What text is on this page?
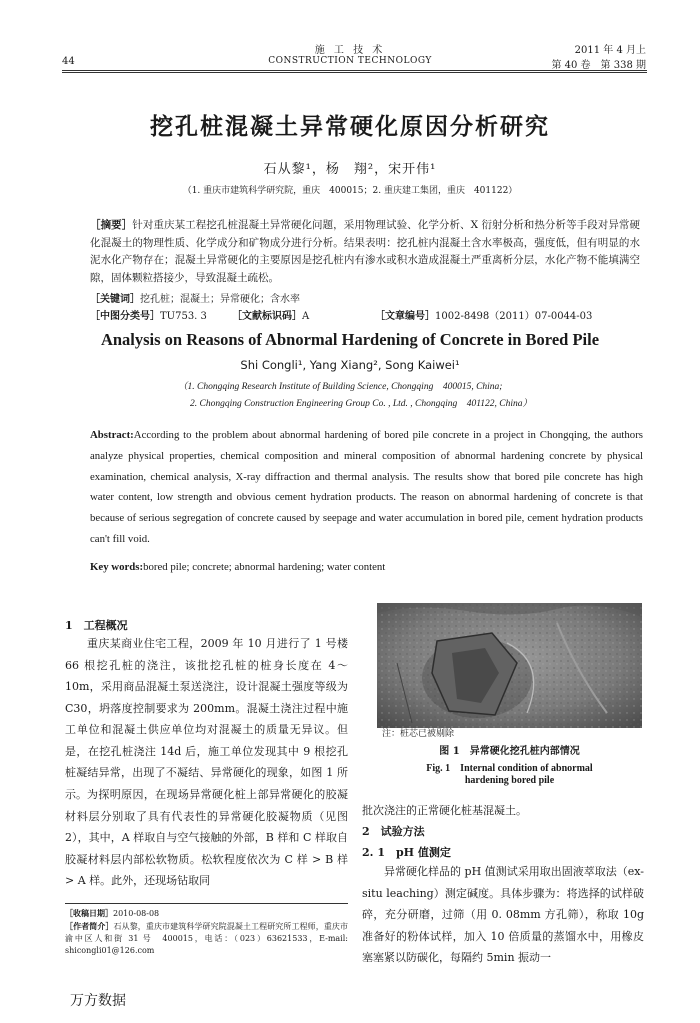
施 工 技 术
44	CONSTRUCTION TECHNOLOGY
2011 年 4 月上
第 40 卷　第 338 期
挖孔桩混凝土异常硬化原因分析研究
石从黎¹，杨　翔²，宋开伟¹
（1. 重庆市建筑科学研究院，重庆　400015；2. 重庆建工集团，重庆　401122）
［摘要］针对重庆某工程挖孔桩混凝土异常硬化问题，采用物理试验、化学分析、X 衍射分析和热分析等手段对异常硬化混凝土的物理性质、化学成分和矿物成分进行分析。结果表明：挖孔桩内混凝土含水率极高，强度低，但有明显的水泥水化产物存在；混凝土异常硬化的主要原因是挖孔桩内有渗水或积水造成混凝土严重离析分层，水化产物不能填满空隙，固体颗粒搭接少，导致混凝土疏松。
［关键词］挖孔桩；混凝土；异常硬化；含水率
［中图分类号］TU753. 3	［文献标识码］A	［文章编号］1002-8498（2011）07-0044-03
Analysis on Reasons of Abnormal Hardening of Concrete in Bored Pile
Shi Congli¹, Yang Xiang², Song Kaiwei¹
（1. Chongqing Research Institute of Building Science, Chongqing　400015, China;
2. Chongqing Construction Engineering Group Co. , Ltd. , Chongqing　401122, China）
Abstract:According to the problem about abnormal hardening of bored pile concrete in a project in Chongqing, the authors analyze physical properties, chemical composition and mineral composition of abnormal hardening concrete by physical examination, chemical analysis, X-ray diffraction and thermal analysis. The results show that bored pile concrete has high water content, low strength and obvious cement hydration products. The reason on abnormal hardening of concrete is that because of serious segregation of concrete caused by seepage and water accumulation in bored pile, cement hydration products can't fill void.
Key words:bored pile; concrete; abnormal hardening; water content
1　工程概况
重庆某商业住宅工程，2009 年 10 月进行了 1 号楼 66 根挖孔桩的浇注，该批挖孔桩的桩身长度在 4～10m，采用商品混凝土泵送浇注，设计混凝土强度等级为 C30，坍落度控制要求为 200mm。混凝土浇注过程中施工单位和混凝土供应单位均对混凝土的质量无异议。但是，在挖孔桩浇注 14d 后，施工单位发现其中 9 根挖孔桩凝结异常，出现了不凝结、异常硬化的现象，如图 1 所示。 为探明原因，在现场异常硬化桩上部异常硬化的胶凝材料层分别取了具有代表性的异常硬化胶凝物质（见图 2），其中，A 样取自与空气接触的外部，B 样和 C 样取自胶凝材料层内部松软物质。松软程度依次为 C 样 > B 样 > A 样。此外，还现场钻取同
［收稿日期］2010-08-08
［作者简介］石从黎，重庆市建筑科学研究院混凝土工程研究所工程师，重庆市渝中区人和街 31 号　400015，电话：（023）63621533，E-mail: shicongli01@126.com
注：桩芯已被剔除
图 1　异常硬化挖孔桩内部情况
Fig. 1　Internal condition of abnormal
hardening bored pile
批次浇注的正常硬化桩基混凝土。
2　试验方法
2. 1　pH 值测定
异常硬化样品的 pH 值测试采用取出固液萃取法（ex-situ leaching）测定碱度。具体步骤为：将选择的试样破碎，充分研磨，过筛（用 0. 08mm 方孔筛），称取 10g 准备好的粉体试样，加入 10 倍质量的蒸馏水中，用橡皮塞塞紧以防碳化，每隔约 5min 振动一
万方数据
